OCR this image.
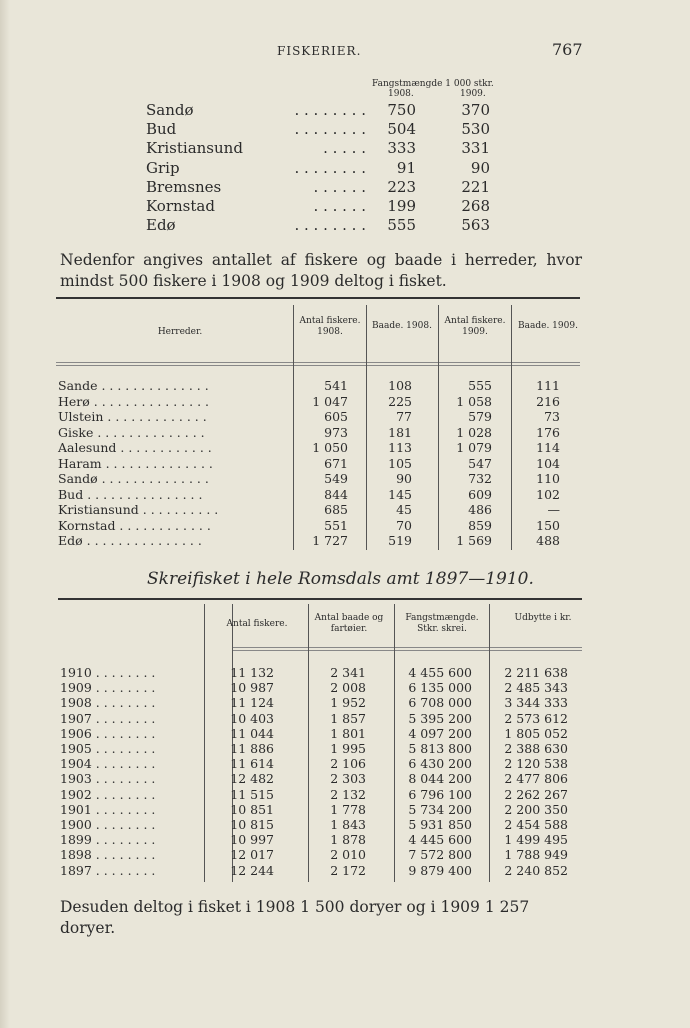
FISKERIER.	767
Fangstmængde 1 000 stkr.
1908.	1909.
Sandø	. . . . . . . . 750	370
Bud	. . . . . . . . 504	530
Kristiansund	. . . . . 333	331
Grip	. . . . . . . .	91	90
Bremsnes	. . . . . . 223	221
Kornstad	. . . . . . 199	268
Edø	. . . . . . . . 555	563
Nedenfor angives antallet af fiskere og baade i herreder, hvor mindst 500 fiskere i 1908 og 1909 deltog i fisket.
Herreder.
Antal fiskere. 1908.
Baade. 1908. Antal fiskere. 1909.
Baade. 1909.
Sande . . . . . . . . . . . . . .	541	108	555	111
Herø . . . . . . . . . . . . . . .	1 047	225	1 058	216
Ulstein . . . . . . . . . . . . .	605	77	579	73
Giske . . . . . . . . . . . . . .	973	181	1 028	176
Aalesund . . . . . . . . . . . .	1 050	113	1 079	114
Haram . . . . . . . . . . . . . .	671	105	547	104
Sandø . . . . . . . . . . . . . .	549	90	732	110
Bud . . . . . . . . . . . . . . .	844	145	609	102
Kristiansund . . . . . . . . . .	685	45	486	—
Kornstad . . . . . . . . . . . .	551	70	859	150
Edø . . . . . . . . . . . . . . .	1 727	519	1 569	488
Skreifisket i hele Romsdals amt 1897—1910.
Antal fiskere.
Antal baade og fartøier.
Fangstmængde. Stkr. skrei.
Udbytte i kr.
1910 . . . . . . . .	11 132	2 341	4 455 600	2 211 638
1909 . . . . . . . .	10 987	2 008	6 135 000	2 485 343
1908 . . . . . . . .	11 124	1 952	6 708 000	3 344 333
1907 . . . . . . . .	10 403	1 857	5 395 200	2 573 612
1906 . . . . . . . .	11 044	1 801	4 097 200	1 805 052
1905 . . . . . . . .	11 886	1 995	5 813 800	2 388 630
1904 . . . . . . . .	11 614	2 106	6 430 200	2 120 538
1903 . . . . . . . .	12 482	2 303	8 044 200	2 477 806
1902 . . . . . . . .	11 515	2 132	6 796 100	2 262 267
1901 . . . . . . . .	10 851	1 778	5 734 200	2 200 350
1900 . . . . . . . .	10 815	1 843	5 931 850	2 454 588
1899 . . . . . . . .	10 997	1 878	4 445 600	1 499 495
1898 . . . . . . . .	12 017	2 010	7 572 800	1 788 949
1897 . . . . . . . .	12 244	2 172	9 879 400	2 240 852
Desuden deltog i fisket i 1908 1 500 doryer og i 1909 1 257 doryer.
